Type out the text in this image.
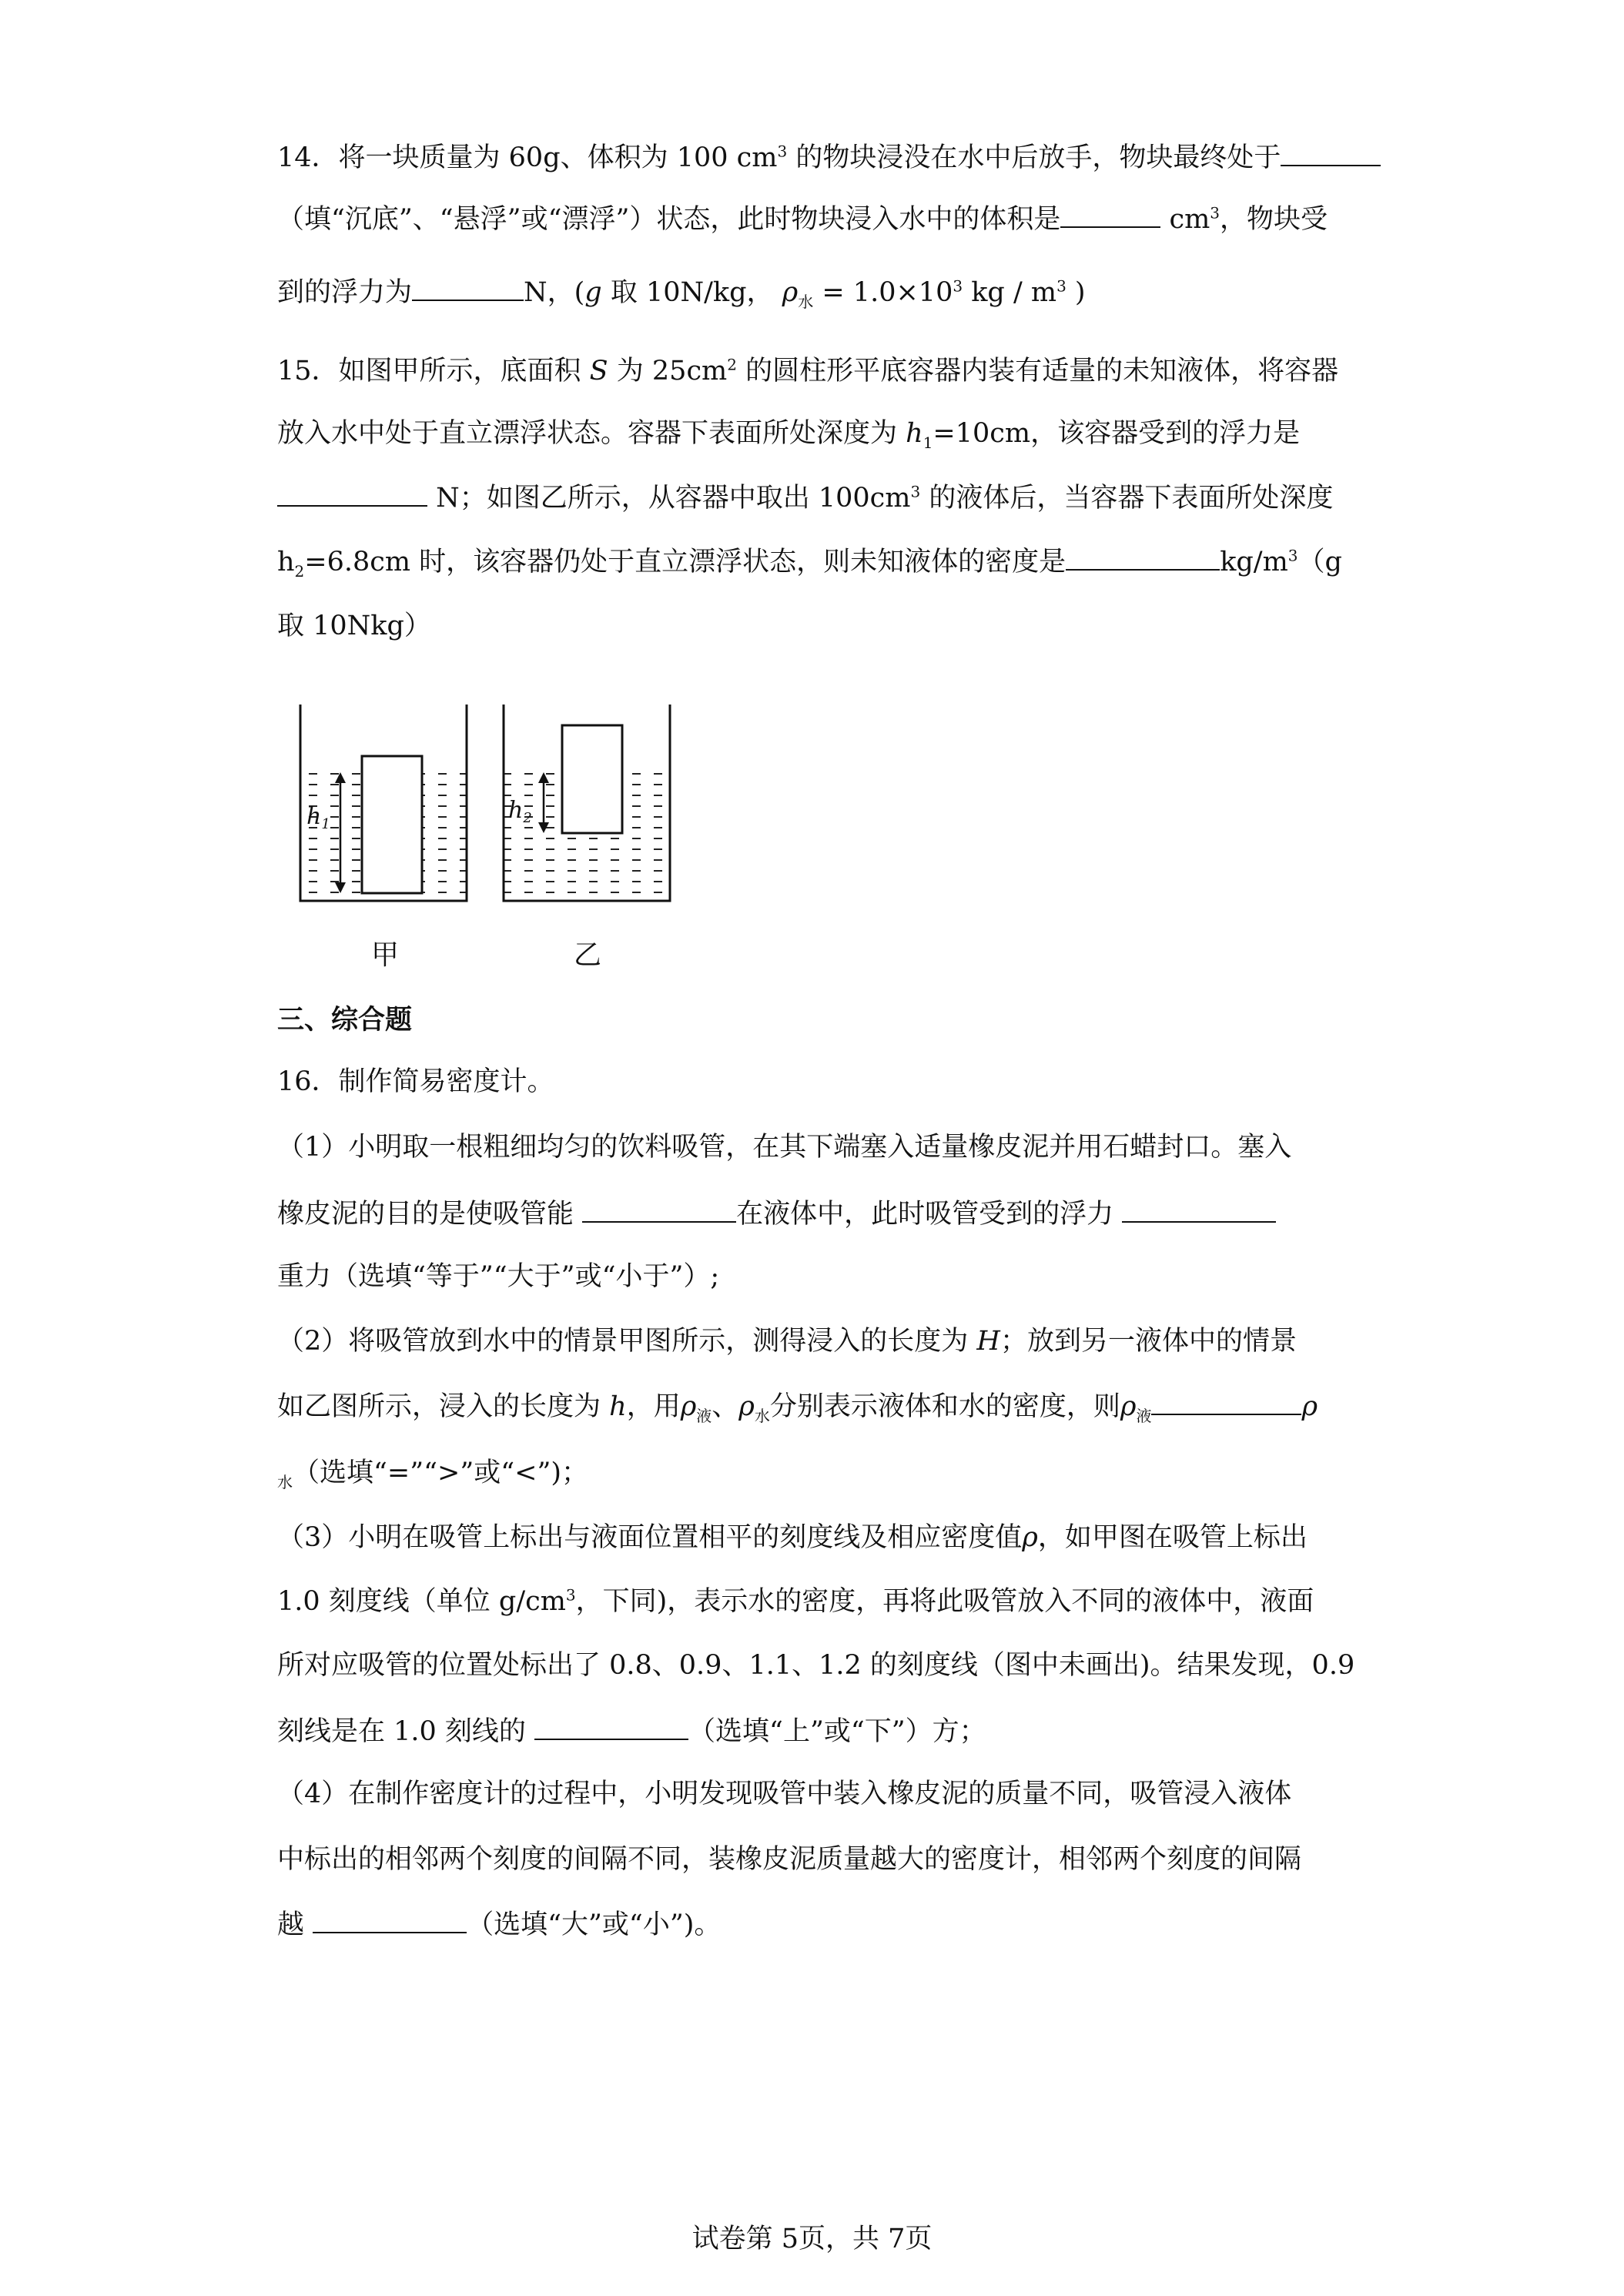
14．将一块质量为 60g、体积为 100 $cm^3$ 的物块浸没在水中后放手，物块最终处于
（填“沉底”、“悬浮”或“漂浮”）状态，此时物块浸入水中的体积是	$cm^3$，物块受
到的浮力为	N，(g 取 10N/kg， $\rho_水 = 1.0\times 10^3$ kg / $m^3$ )
15．如图甲所示，底面积 S 为 $25cm^2$ 的圆柱形平底容器内装有适量的未知液体，将容器
放入水中处于直立漂浮状态。容器下表面所处深度为 $h_1=10cm$，该容器受到的浮力是
N；如图乙所示，从容器中取出 $100cm^3$ 的液体后，当容器下表面所处深度
$h_2=6.8cm$ 时，该容器仍处于直立漂浮状态，则未知液体的密度是	$kg/m^3(g$
取 10Nkg）
$h_1$
甲
$h_2$
乙
三、综合题
16．制作简易密度计。
（1）小明取一根粗细均匀的饮料吸管，在其下端塞入适量橡皮泥并用石蜡封口。塞入
橡皮泥的目的是使吸管能	在液体中，此时吸管受到的浮力
重力（选填“等于”“大于”或“小于”）;
（2）将吸管放到水中的情景甲图所示，测得浸入的长度为 H；放到另一液体中的情景
如乙图所示，浸入的长度为 h，用$\rho_液$、$\rho_水$分别表示液体和水的密度，则$\rho_液$	ρ
$_水$（选填“=”“>”或“<”)；
（3）小明在吸管上标出与液面位置相平的刻度线及相应密度值ρ，如甲图在吸管上标出
1.0 刻度线（单位 $g/cm^3$，下同)，表示水的密度，再将此吸管放入不同的液体中，液面
所对应吸管的位置处标出了 0.8、0.9、1.1、1.2 的刻度线（图中未画出)。结果发现，0.9
刻线是在 1.0 刻线的	（选填“上”或“下”）方；
（4）在制作密度计的过程中，小明发现吸管中装入橡皮泥的质量不同，吸管浸入液体
中标出的相邻两个刻度的间隔不同，装橡皮泥质量越大的密度计，相邻两个刻度的间隔
越	（选填“大”或“小”)。
试卷第 5页，共 7页
